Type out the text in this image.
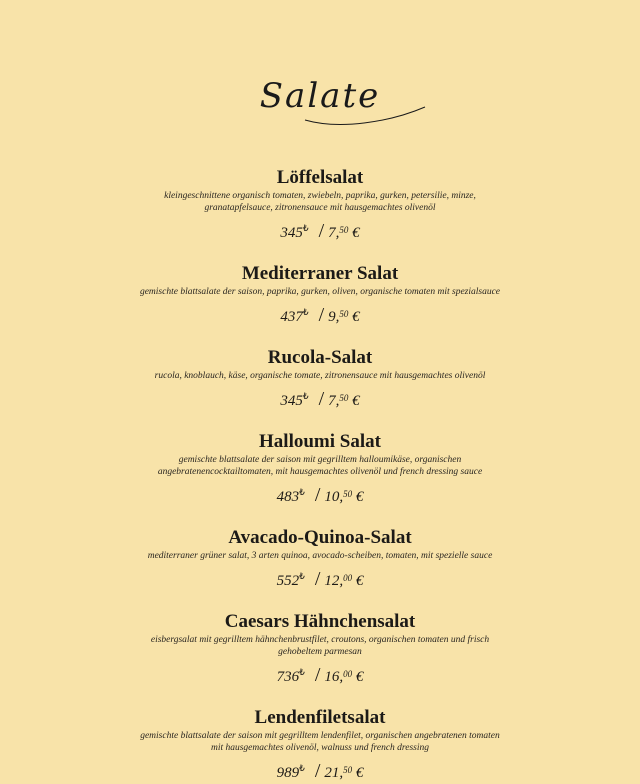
Salate
Löffelsalat
kleingeschnittene organisch tomaten, zwiebeln, paprika, gurken, petersilie, minze, granatapfelsauce, zitronensauce mit hausgemachtes olivenöl
345₺ / 7,50 €
Mediterraner Salat
gemischte blattsalate der saison, paprika, gurken, oliven, organische tomaten mit spezialsauce
437₺ / 9,50 €
Rucola-Salat
rucola, knoblauch, käse, organische tomate, zitronensauce mit hausgemachtes olivenöl
345₺ / 7,50 €
Halloumi Salat
gemischte blattsalate der saison mit gegrilltem halloumikäse, organischen angebratenencocktailtomaten, mit hausgemachtes olivenöl und french dressing sauce
483₺ / 10,50 €
Avacado-Quinoa-Salat
mediterraner grüner salat, 3 arten quinoa, avocado-scheiben, tomaten, mit spezielle sauce
552₺ / 12,00 €
Caesars Hähnchensalat
eisbergsalat mit gegrilltem hähnchenbrustfilet, croutons, organischen tomaten und frisch gehobeltem parmesan
736₺ / 16,00 €
Lendenfiletsalat
gemischte blattsalate der saison mit gegrilltem lendenfilet, organischen angebratenen tomaten mit hausgemachtes olivenöl, walnuss und french dressing
989₺ / 21,50 €
